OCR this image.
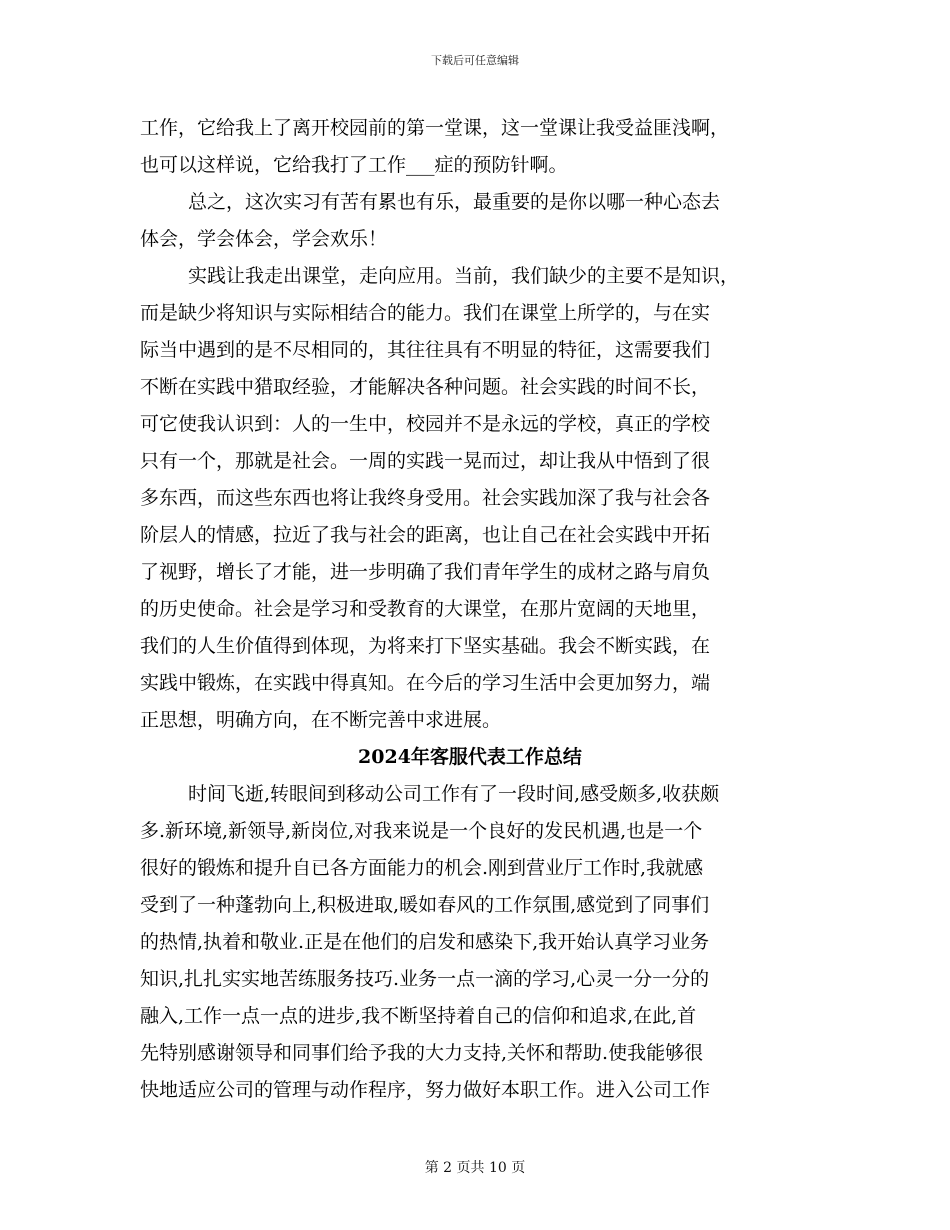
下载后可任意编辑
工作，它给我上了离开校园前的第一堂课，这一堂课让我受益匪浅啊，
也可以这样说，它给我打了工作___症的预防针啊。
总之，这次实习有苦有累也有乐，最重要的是你以哪一种心态去
体会，学会体会，学会欢乐！
实践让我走出课堂，走向应用。当前，我们缺少的主要不是知识，
而是缺少将知识与实际相结合的能力。我们在课堂上所学的，与在实
际当中遇到的是不尽相同的，其往往具有不明显的特征，这需要我们
不断在实践中猎取经验，才能解决各种问题。社会实践的时间不长，
可它使我认识到：人的一生中，校园并不是永远的学校，真正的学校
只有一个，那就是社会。一周的实践一晃而过，却让我从中悟到了很
多东西，而这些东西也将让我终身受用。社会实践加深了我与社会各
阶层人的情感，拉近了我与社会的距离，也让自己在社会实践中开拓
了视野，增长了才能，进一步明确了我们青年学生的成材之路与肩负
的历史使命。社会是学习和受教育的大课堂，在那片宽阔的天地里，
我们的人生价值得到体现，为将来打下坚实基础。我会不断实践，在
实践中锻炼，在实践中得真知。在今后的学习生活中会更加努力，端
正思想，明确方向，在不断完善中求进展。
2024年客服代表工作总结
时间飞逝,转眼间到移动公司工作有了一段时间,感受颇多,收获颇
多.新环境,新领导,新岗位,对我来说是一个良好的发民机遇,也是一个
很好的锻炼和提升自已各方面能力的机会.刚到营业厅工作时,我就感
受到了一种蓬勃向上,积极进取,暖如春风的工作氛围,感觉到了同事们
的热情,执着和敬业.正是在他们的启发和感染下,我开始认真学习业务
知识,扎扎实实地苦练服务技巧.业务一点一滴的学习,心灵一分一分的
融入,工作一点一点的进步,我不断坚持着自己的信仰和追求,在此,首
先特别感谢领导和同事们给予我的大力支持,关怀和帮助.使我能够很
快地适应公司的管理与动作程序，努力做好本职工作。进入公司工作
第 2 页共 10 页
